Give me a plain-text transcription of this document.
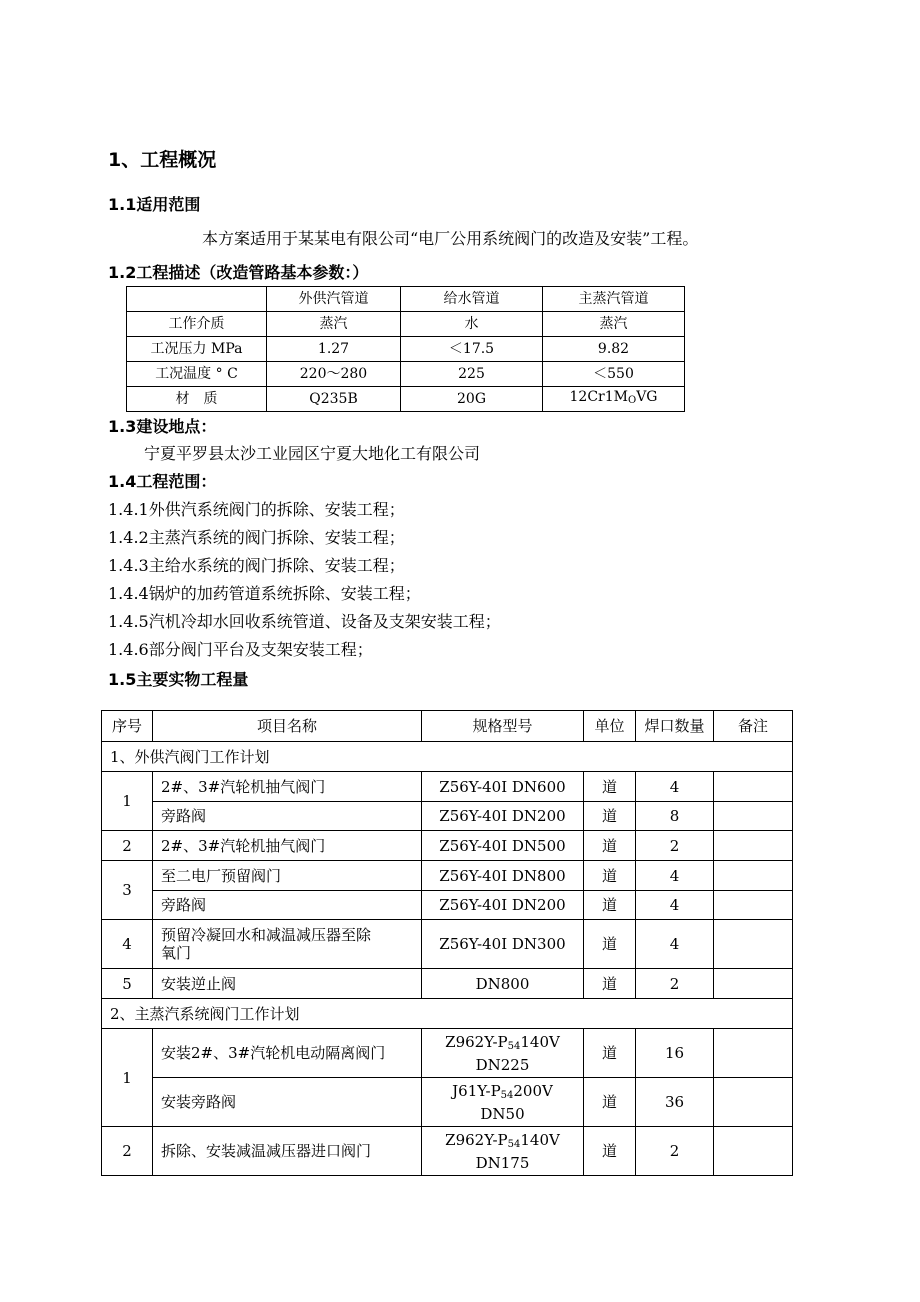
1、工程概况
1.1适用范围
本方案适用于某某电有限公司“电厂公用系统阀门的改造及安装”工程。
1.2工程描述（改造管路基本参数：）
	外供汽管道	给水管道	主蒸汽管道
工作介质	蒸汽	水	蒸汽
工况压力 MPa	1.27	＜17.5	9.82
工况温度 ° C	220～280	225	＜550
材　质	Q235B	20G	$12Cr1M_OVG$
1.3建设地点：
宁夏平罗县太沙工业园区宁夏大地化工有限公司
1.4工程范围：
1.4.1外供汽系统阀门的拆除、安装工程；
1.4.2主蒸汽系统的阀门拆除、安装工程；
1.4.3主给水系统的阀门拆除、安装工程；
1.4.4锅炉的加药管道系统拆除、安装工程；
1.4.5汽机冷却水回收系统管道、设备及支架安装工程；
1.4.6部分阀门平台及支架安装工程；
1.5主要实物工程量
序号	项目名称	规格型号	单位	焊口数量	备注
1、外供汽阀门工作计划					
1	2#、3#汽轮机抽气阀门	Z56Y-40I DN600	道	4	
	旁路阀	Z56Y-40I DN200	道	8	
2	2#、3#汽轮机抽气阀门	Z56Y-40I DN500	道	2	
3	至二电厂预留阀门	Z56Y-40I DN800	道	4	
	旁路阀	Z56Y-40I DN200	道	4	
4	预留冷凝回水和减温减压器至除
氧门	Z56Y-40I DN300	道	4	
5	安装逆止阀	DN800	道	2	
2、主蒸汽系统阀门工作计划					
1	安装2#、3#汽轮机电动隔离阀门	$Z962Y-P_{54}140V$
DN225	道	16	
	安装旁路阀	$J61Y-P_{54}200V$
DN50	道	36	
2	拆除、安装减温减压器进口阀门	$Z962Y-P_{54}140V$
DN175	道	2	
